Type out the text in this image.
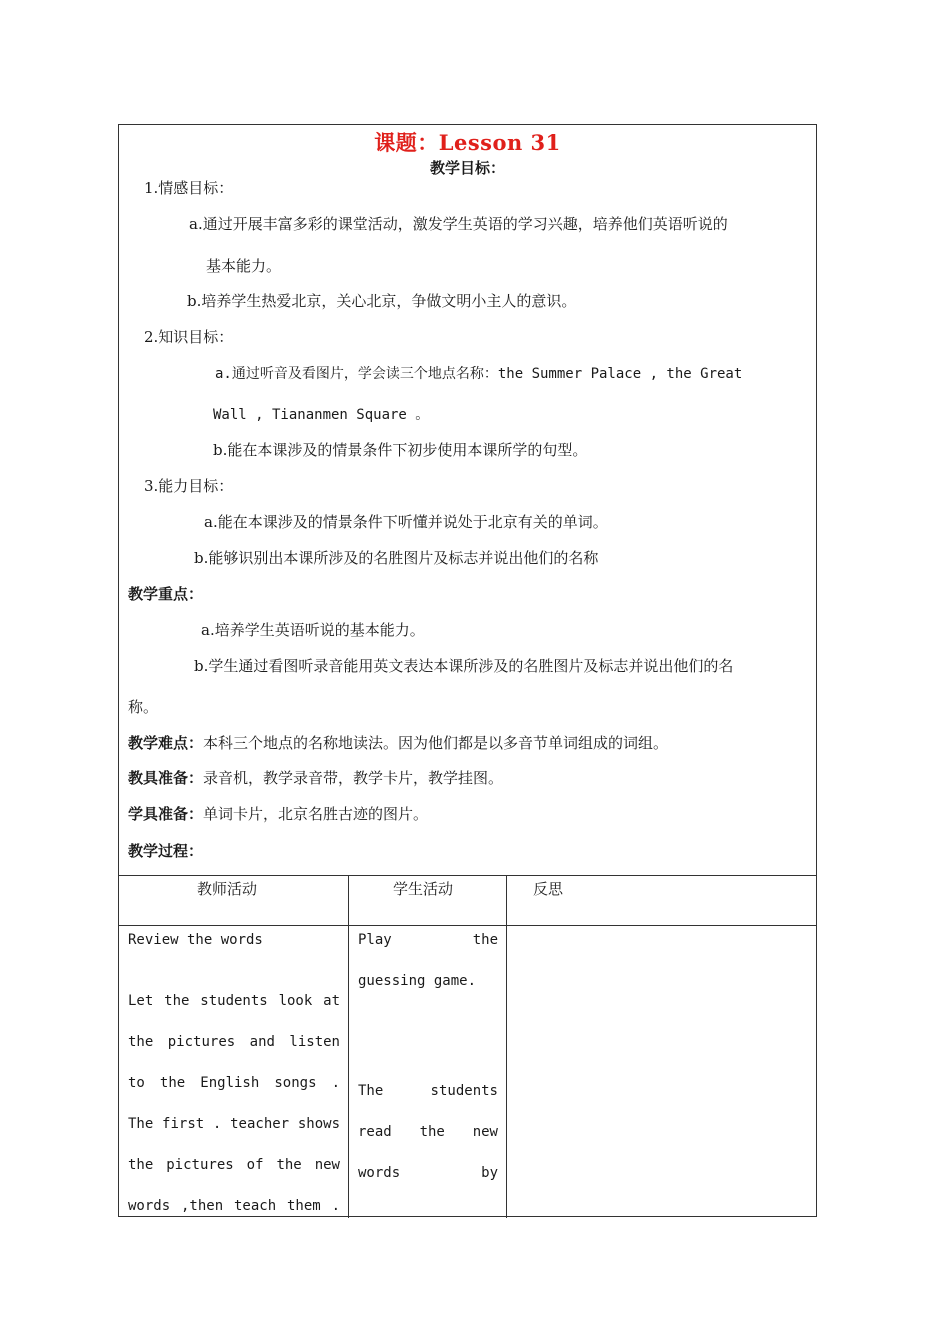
课题：Lesson 31
教学目标：
1.情感目标：
a.通过开展丰富多彩的课堂活动，激发学生英语的学习兴趣，培养他们英语听说的
基本能力。
b.培养学生热爱北京，关心北京，争做文明小主人的意识。
2.知识目标：
a.通过听音及看图片，学会读三个地点名称：the Summer Palace , the Great
Wall , Tiananmen Square 。
b.能在本课涉及的情景条件下初步使用本课所学的句型。
3.能力目标：
a.能在本课涉及的情景条件下听懂并说处于北京有关的单词。
b.能够识别出本课所涉及的名胜图片及标志并说出他们的名称
教学重点：
a.培养学生英语听说的基本能力。
b.学生通过看图听录音能用英文表达本课所涉及的名胜图片及标志并说出他们的名
称。
教学难点：本科三个地点的名称地读法。因为他们都是以多音节单词组成的词组。
教具准备：录音机，教学录音带，教学卡片，教学挂图。
学具准备：单词卡片，北京名胜古迹的图片。
教学过程：
教师活动	学生活动	反思
Review the words
Let the students look at
the pictures and listen
to the English songs .
The first . teacher shows
the pictures of the new
words ,then teach them .
Play the
guessing game.
The students
read the new
words by
